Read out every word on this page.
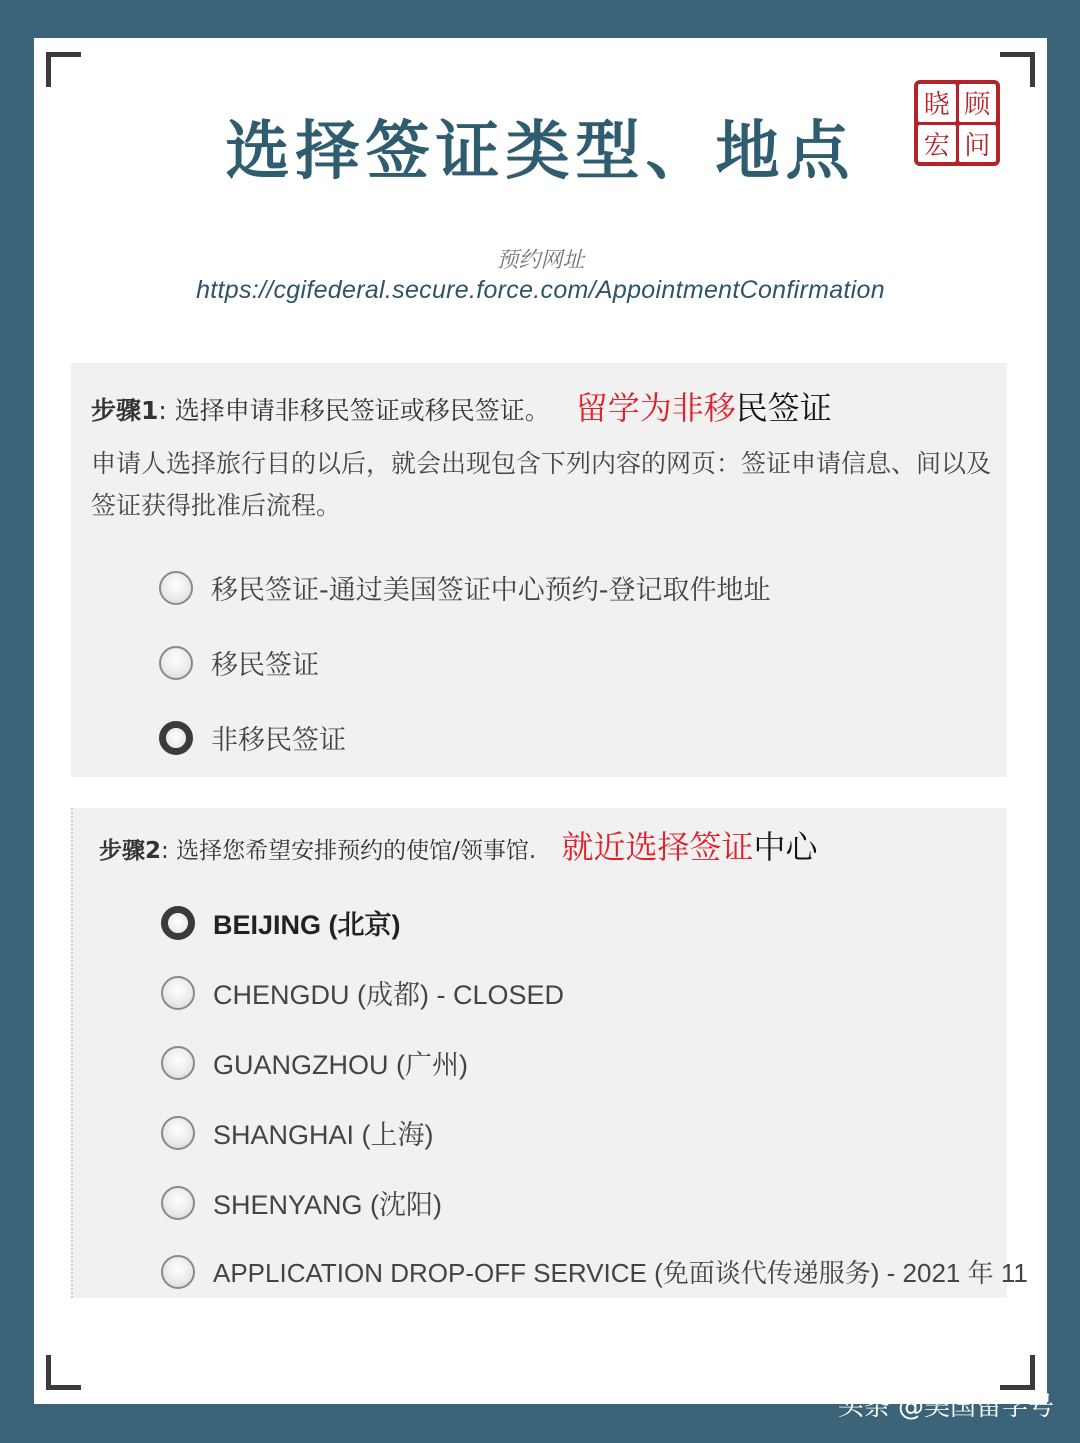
选择签证类型、地点
晓 顾
宏 问
预约网址
https://cgifederal.secure.force.com/AppointmentConfirmation
步骤1: 选择申请非移民签证或移民签证。 留学为非移民签证

申请人选择旅行目的以后，就会出现包含下列内容的网页：签证申请信息、间以及签证获得批准后流程。

移民签证-通过美国签证中心预约-登记取件地址
移民签证
非移民签证
步骤2: 选择您希望安排预约的使馆/领事馆. 就近选择签证中心
BEIJING (北京)
CHENGDU (成都) - CLOSED
GUANGZHOU (广州)
SHANGHAI (上海)
SHENYANG (沈阳)
APPLICATION DROP-OFF SERVICE (免面谈代传递服务) - 2021 年 11
头条 @美国留学号
